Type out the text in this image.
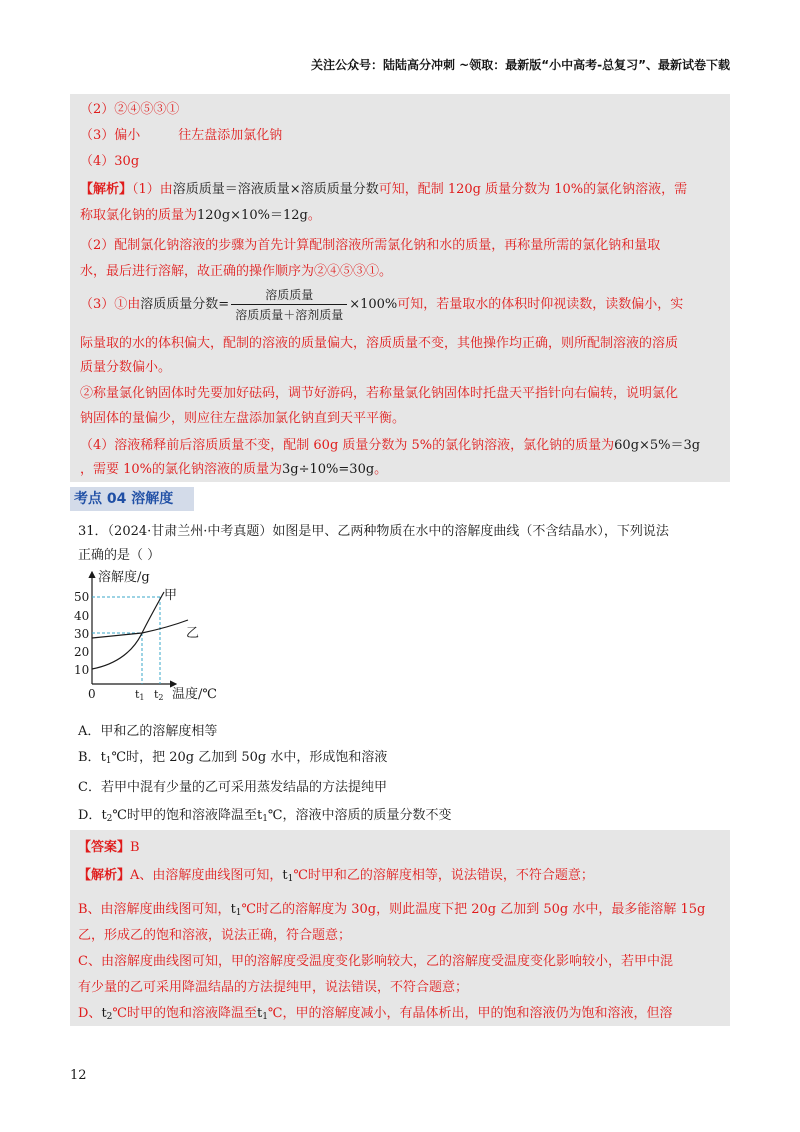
关注公众号：陆陆高分冲刺 ~领取：最新版“小中高考-总复习”、最新试卷下载
（2）②④⑤③①
（3）偏小	往左盘添加氯化钠
（4）30g
【解析】（1）由溶质质量＝溶液质量×溶质质量分数可知，配制 120g 质量分数为 10%的氯化钠溶液，需
称取氯化钠的质量为120g×10%＝12g。
（2）配制氯化钠溶液的步骤为首先计算配制溶液所需氯化钠和水的质量，再称量所需的氯化钠和量取
水，最后进行溶解，故正确的操作顺序为②④⑤③①。
（3）①由溶质质量分数= $\frac{\text{溶质质量}}{\text{溶质质量＋溶剂质量}} \times 100\%$可知，若量取水的体积时仰视读数，读数偏小，实
际量取的水的体积偏大，配制的溶液的质量偏大，溶质质量不变，其他操作均正确，则所配制溶液的溶质
质量分数偏小。
②称量氯化钠固体时先要加好砝码，调节好游码，若称量氯化钠固体时托盘天平指针向右偏转，说明氯化
钠固体的量偏少，则应往左盘添加氯化钠直到天平平衡。
（4）溶液稀释前后溶质质量不变，配制 60g 质量分数为 5%的氯化钠溶液，氯化钠的质量为60g×5%＝3g
，需要 10%的氯化钠溶液的质量为3g÷10%=30g。
考点 04 溶解度
31．（2024·甘肃兰州·中考真题）如图是甲、乙两种物质在水中的溶解度曲线（不含结晶水），下列说法
正确的是（ ）
溶解度/g
温度/℃
0
50
40
30
20
10
甲
乙
t1 t2
A．甲和乙的溶解度相等
B．$t_1℃$时，把 20g 乙加到 50g 水中，形成饱和溶液
C．若甲中混有少量的乙可采用蒸发结晶的方法提纯甲
D．$t_2℃$时甲的饱和溶液降温至$t_1℃$，溶液中溶质的质量分数不变
【答案】B
【解析】A、由溶解度曲线图可知，$t_1℃$时甲和乙的溶解度相等，说法错误，不符合题意；
B、由溶解度曲线图可知，$t_1℃$时乙的溶解度为 30g，则此温度下把 20g 乙加到 50g 水中，最多能溶解 15g
乙，形成乙的饱和溶液，说法正确，符合题意；
C、由溶解度曲线图可知，甲的溶解度受温度变化影响较大，乙的溶解度受温度变化影响较小，若甲中混
有少量的乙可采用降温结晶的方法提纯甲，说法错误，不符合题意；
D、$t_2℃$时甲的饱和溶液降温至$t_1℃$，甲的溶解度减小，有晶体析出，甲的饱和溶液仍为饱和溶液，但溶
12
